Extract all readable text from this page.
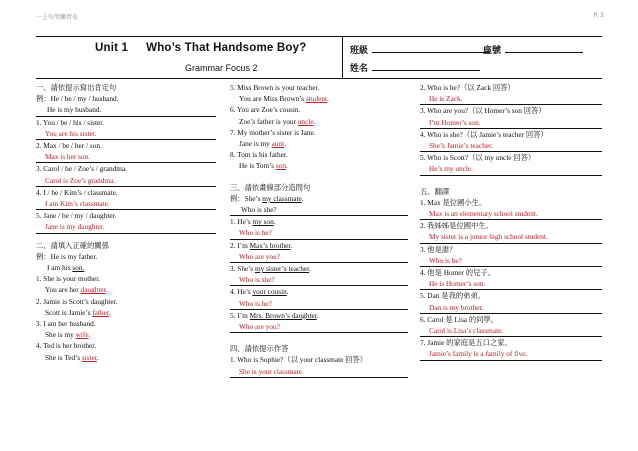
一上句型練習卷	P. 3
Unit 1 Who’s That Handsome Boy?
Grammar Focus 2
班級	座號
姓名
一、請依提示寫出肯定句
例：He / be / my / husband.
He is my husband.
1. You / be / his / sister.
You are his sister.
2. Max / be / her / son.
Max is her son.
3. Carol / be / Zoe’s / grandma.
Carol is Zoe’s grandma.
4. I / be / Kim’s / classmate.
I am Kim’s classmate.
5. Jane / be / my / daughter.
Jane is my daughter.
二、請填入正確的關係
例：He is my father.
I am his son.
1. She is your mother.
You are her daughter.
2. Jamie is Scott’s daughter.
Scott is Jamie’s father.
3. I am her husband.
She is my wife.
4. Ted is her brother.
She is Ted’s sister.
5. Miss Brown is your teacher.
You are Miss Brown’s student.
6. You are Zoe’s cousin.
Zoe’s father is your uncle.
7. My mother’s sister is Jane.
Jane is my aunt.
8. Tom is his father.
He is Tom’s son.
三、請依畫線部分造問句
例：She’s my classmate.
Who is she?
1. He’s my son.
Who is he?
2. I’m Max’s brother.
Who are you?
3. She’s my sister’s teacher.
Who is she?
4. He’s your cousin.
Who is he?
5. I’m Mrs. Brown’s daughter.
Who are you?
四、請依提示作答
1. Who is Sophie?（以 your classmate 回答）
She is your classmate.
2. Who is he?（以 Zack 回答）
He is Zack.
3. Who are you?（以 Homer’s son 回答）
I’m Homer’s son.
4. Who is she?（以 Jamie’s teacher 回答）
She’s Jamie’s teacher.
5. Who is Scott?（以 my uncle 回答）
He’s my uncle.
五、翻譯
1. Max 是位國小生。
Max is an elementary school student.
2. 我姊姊是位國中生。
My sister is a junior high school student.
3. 他是誰？
Who is he?
4. 他是 Homer 的兒子。
He is Homer’s son.
5. Dan 是我的弟弟。
Dan is my brother.
6. Carol 是 Lisa 的同學。
Carol is Lisa’s classmate.
7. Jamie 的家庭是五口之家。
Jamie’s family is a family of five.
